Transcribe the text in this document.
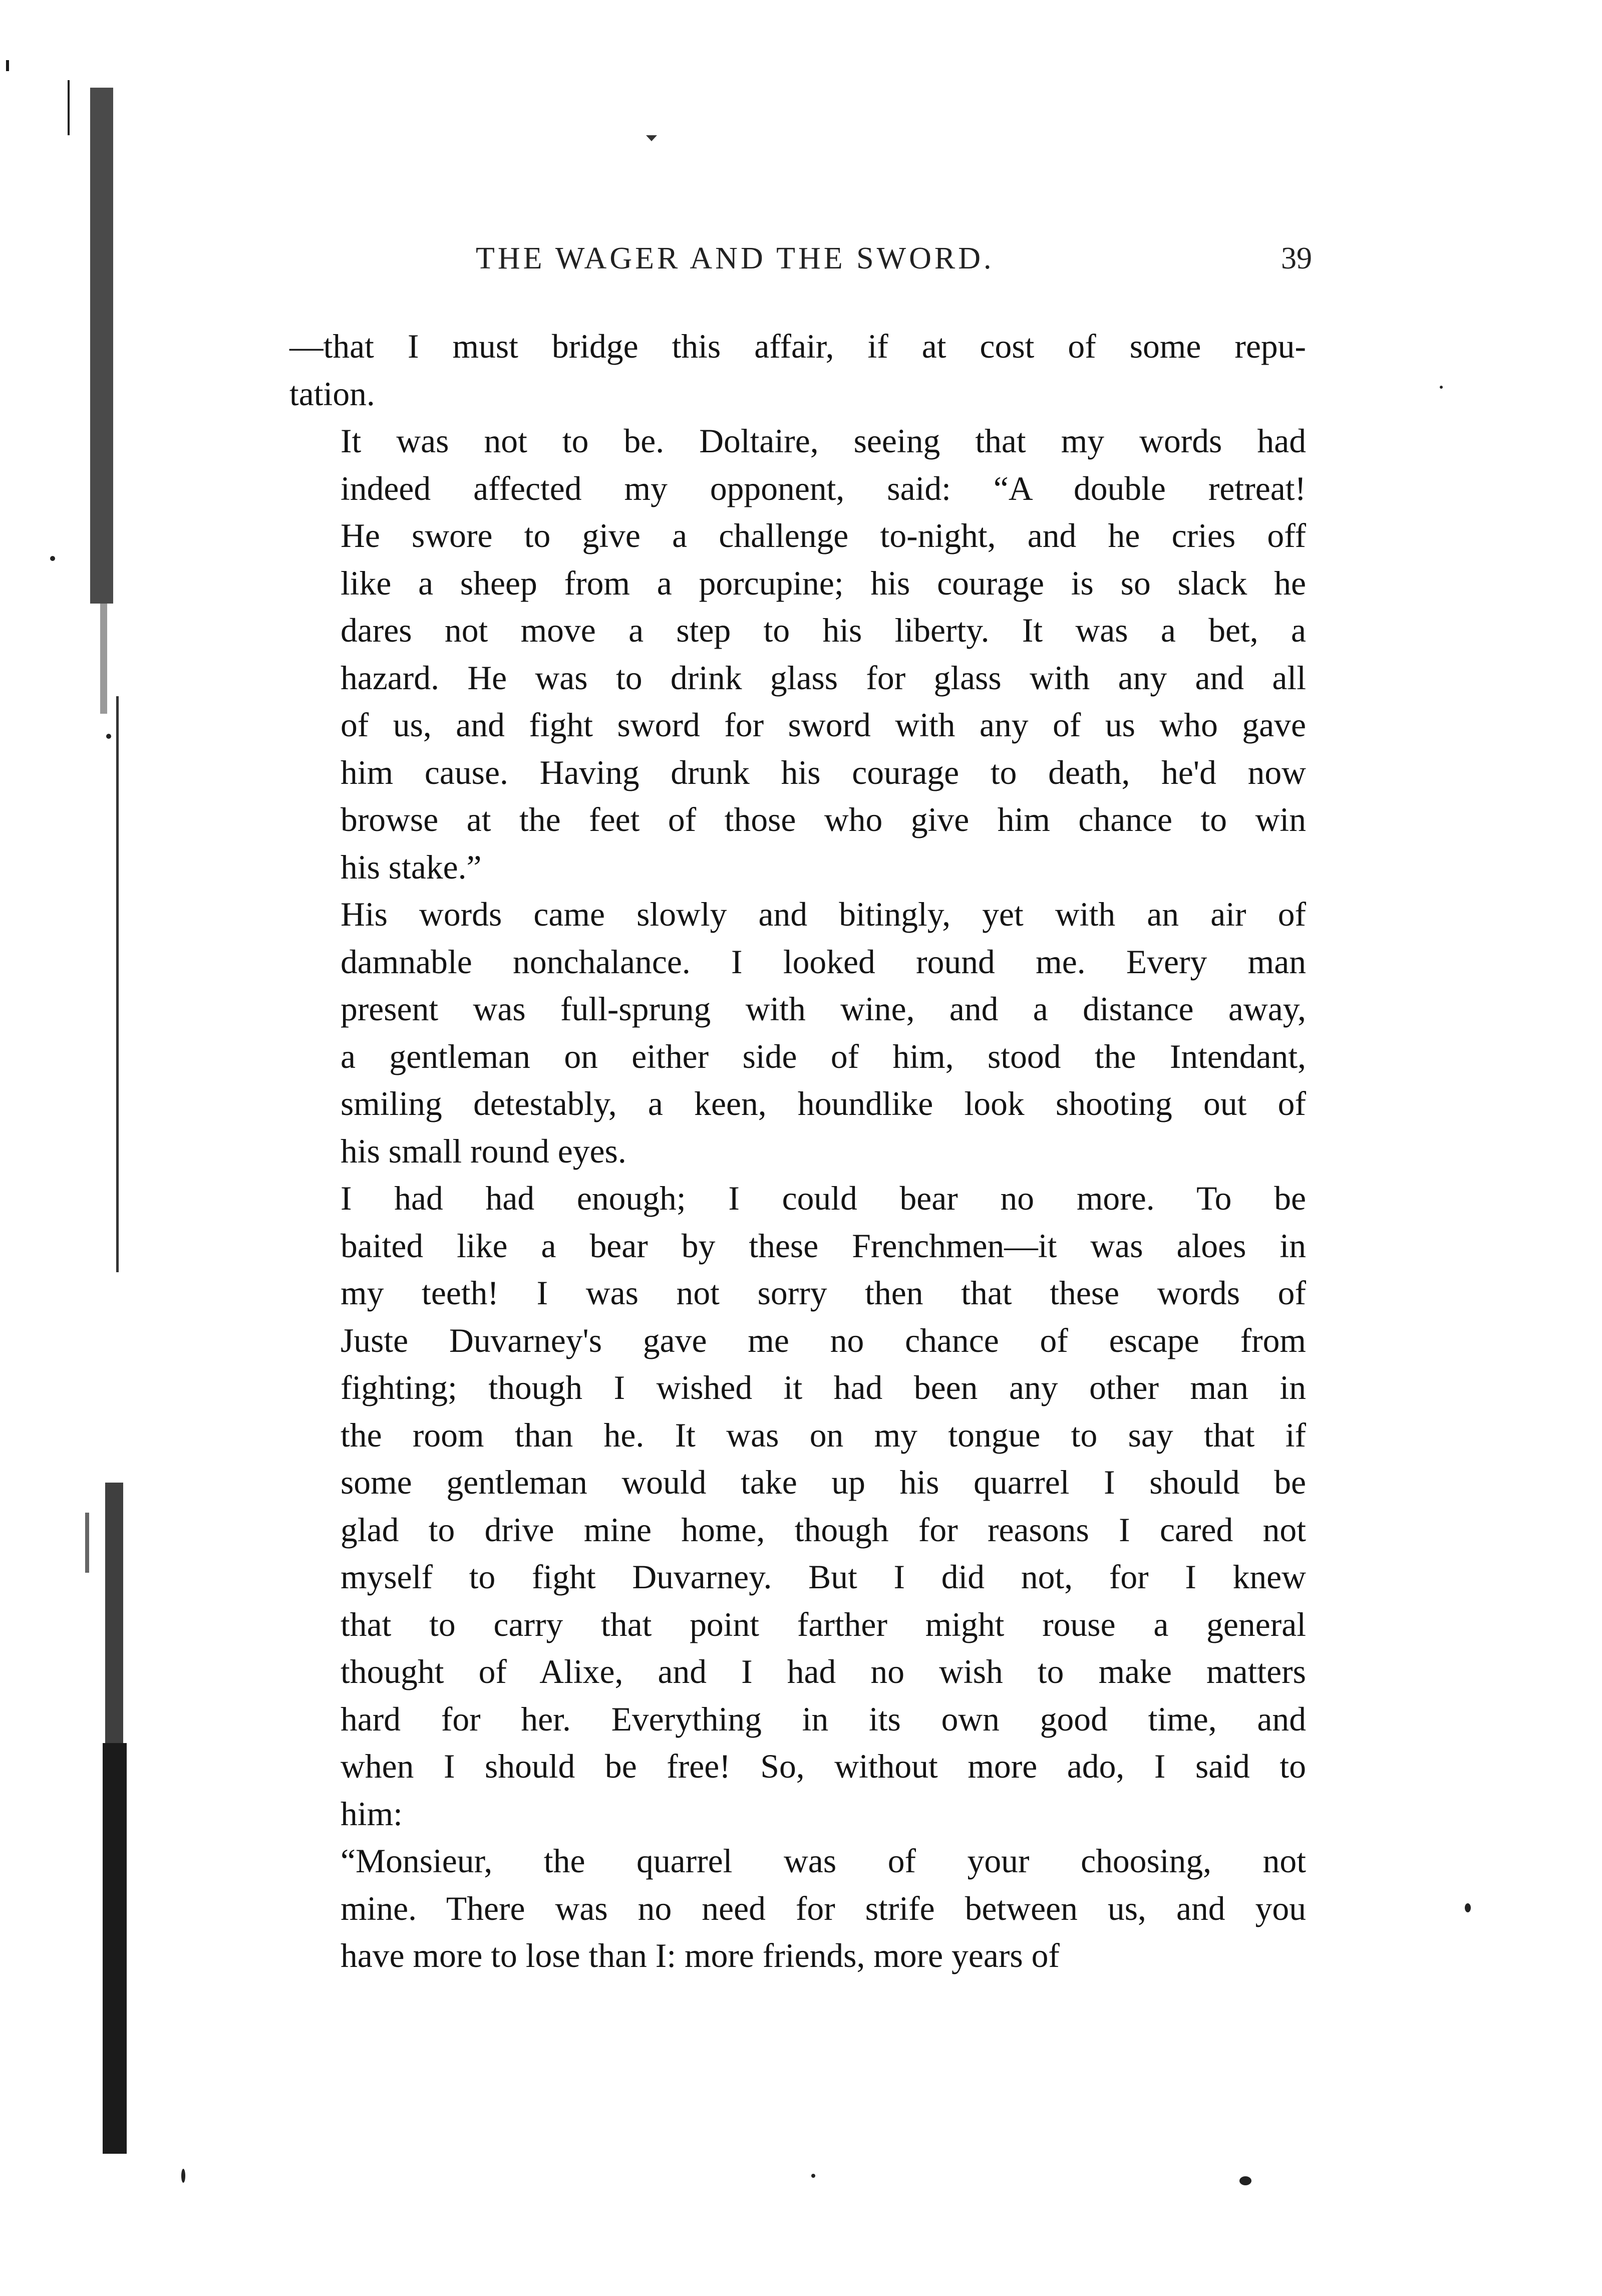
THE WAGER AND THE SWORD.	39

—that I must bridge this affair, if at cost of some repu-
tation.

It was not to be. Doltaire, seeing that my words had
indeed affected my opponent, said: “A double retreat!
He swore to give a challenge to-night, and he cries off
like a sheep from a porcupine; his courage is so slack he
dares not move a step to his liberty. It was a bet, a
hazard. He was to drink glass for glass with any and all
of us, and fight sword for sword with any of us who gave
him cause. Having drunk his courage to death, he'd now
browse at the feet of those who give him chance to win
his stake.”

His words came slowly and bitingly, yet with an air of
damnable nonchalance. I looked round me. Every man
present was full-sprung with wine, and a distance away,
a gentleman on either side of him, stood the Intendant,
smiling detestably, a keen, houndlike look shooting out of
his small round eyes.

I had had enough; I could bear no more. To be
baited like a bear by these Frenchmen—it was aloes in
my teeth! I was not sorry then that these words of
Juste Duvarney's gave me no chance of escape from
fighting; though I wished it had been any other man in
the room than he. It was on my tongue to say that if
some gentleman would take up his quarrel I should be
glad to drive mine home, though for reasons I cared not
myself to fight Duvarney. But I did not, for I knew
that to carry that point farther might rouse a general
thought of Alixe, and I had no wish to make matters
hard for her. Everything in its own good time, and
when I should be free! So, without more ado, I said to
him:

“Monsieur, the quarrel was of your choosing, not
mine. There was no need for strife between us, and you
have more to lose than I: more friends, more years of
